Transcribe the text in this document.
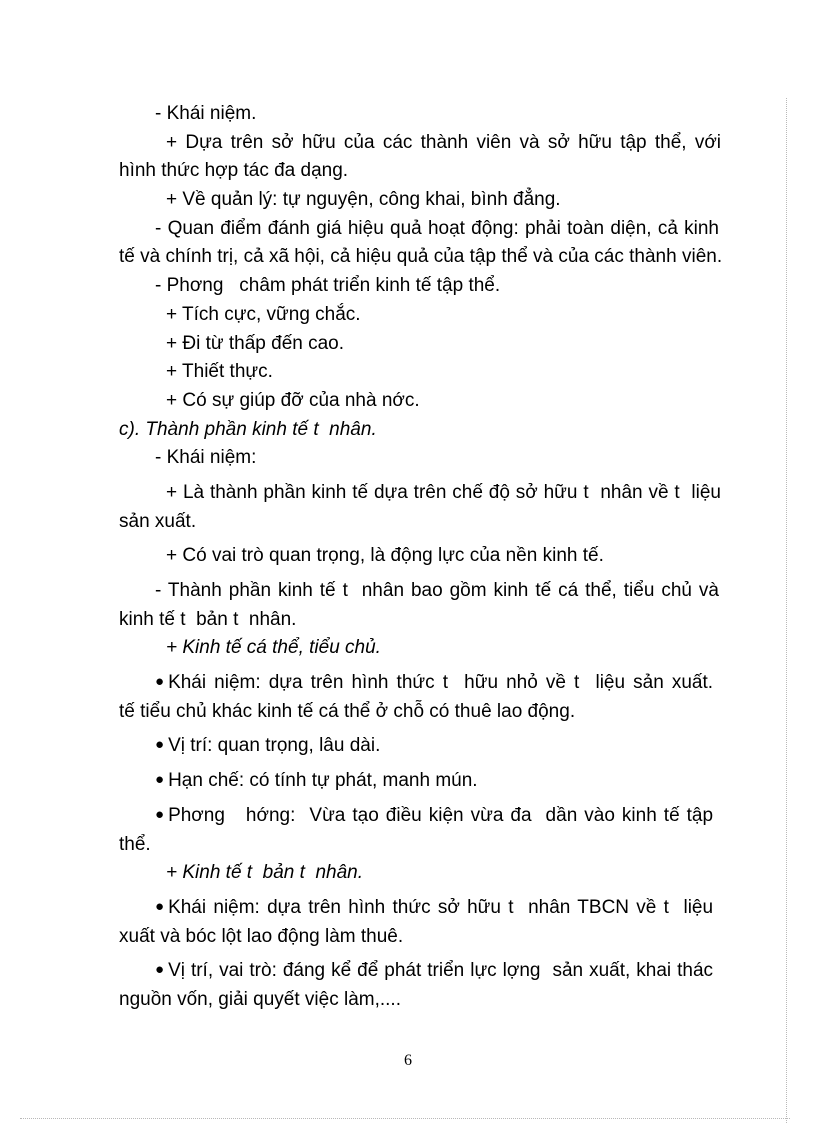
- Khái niệm.
+ Dựa trên sở hữu của các thành viên và sở hữu tập thể, với
hình thức hợp tác đa dạng.
+ Về quản lý: tự nguyện, công khai, bình đẳng.
- Quan điểm đánh giá hiệu quả hoạt động: phải toàn diện, cả kinh
tế và chính trị, cả xã hội, cả hiệu quả của tập thể và của các thành viên.
- Phơng   châm phát triển kinh tế tập thể.
+ Tích cực, vững chắc.
+ Đi từ thấp đến cao.
+ Thiết thực.
+ Có sự giúp đỡ của nhà nớc.
c). Thành phần kinh tế t  nhân.
- Khái niệm:
+ Là thành phần kinh tế dựa trên chế độ sở hữu t  nhân về t  liệu
sản xuất.
+ Có vai trò quan trọng, là động lực của nền kinh tế.
- Thành phần kinh tế t  nhân bao gồm kinh tế cá thể, tiểu chủ và
kinh tế t  bản t  nhân.
+ Kinh tế cá thể, tiểu chủ.
● Khái niệm: dựa trên hình thức t  hữu nhỏ về t  liệu sản xuất.
tế tiểu chủ khác kinh tế cá thể ở chỗ có thuê lao động.
● Vị trí: quan trọng, lâu dài.
● Hạn chế: có tính tự phát, manh mún.
● Phơng   hớng:  Vừa tạo điều kiện vừa đa  dần vào kinh tế tập
thể.
+ Kinh tế t  bản t  nhân.
● Khái niệm: dựa trên hình thức sở hữu t  nhân TBCN về t  liệu
xuất và bóc lột lao động làm thuê.
● Vị trí, vai trò: đáng kể để phát triển lực lợng  sản xuất, khai thác
nguồn vốn, giải quyết việc làm,....
6
